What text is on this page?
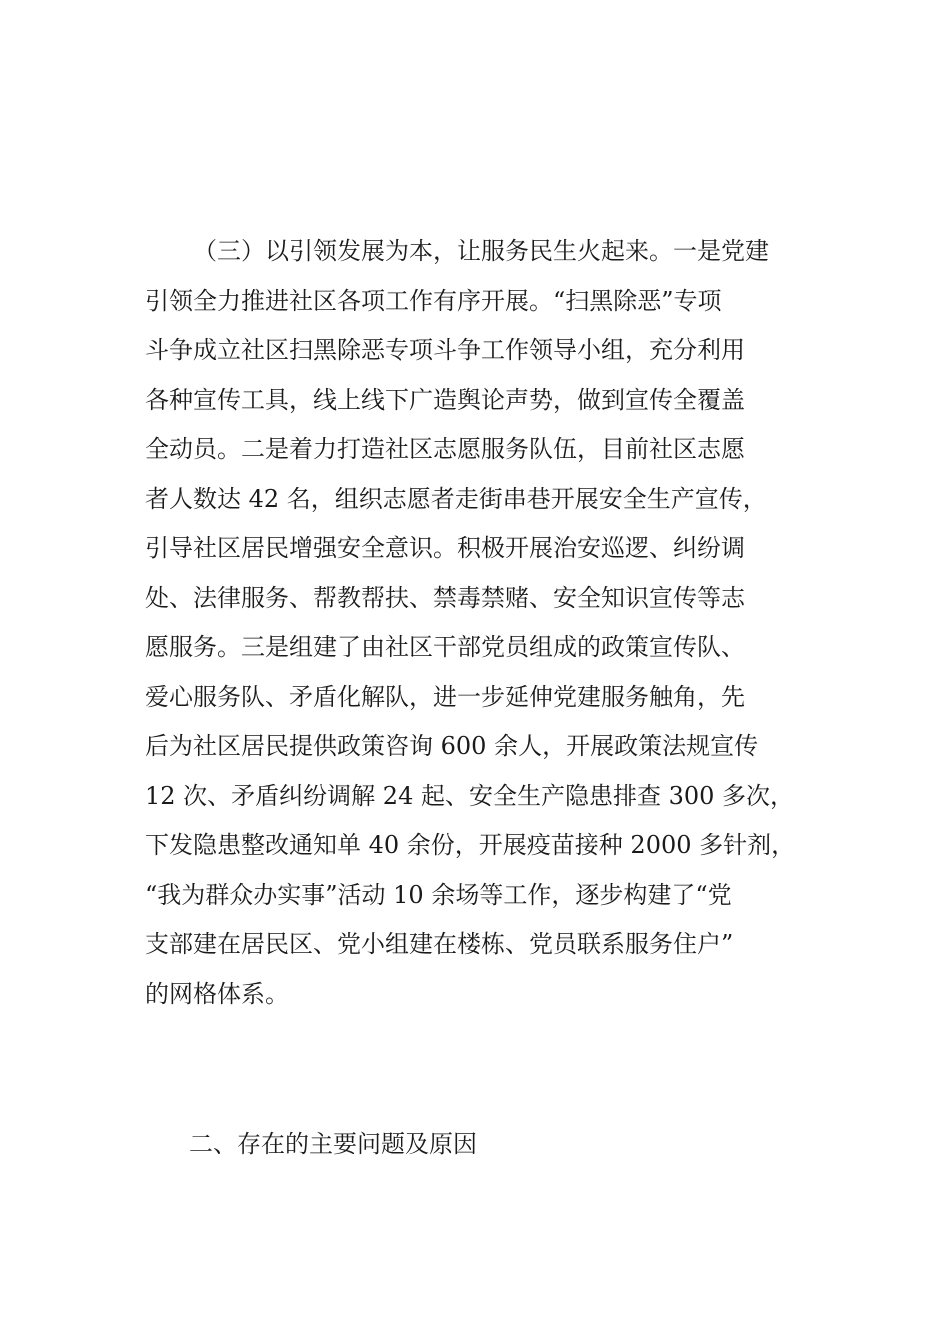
（三）以引领发展为本，让服务民生火起来。一是党建
引领全力推进社区各项工作有序开展。“扫黑除恶”专项
斗争成立社区扫黑除恶专项斗争工作领导小组，充分利用
各种宣传工具，线上线下广造舆论声势，做到宣传全覆盖
全动员。二是着力打造社区志愿服务队伍，目前社区志愿
者人数达 42 名，组织志愿者走街串巷开展安全生产宣传，
引导社区居民增强安全意识。积极开展治安巡逻、纠纷调
处、法律服务、帮教帮扶、禁毒禁赌、安全知识宣传等志
愿服务。三是组建了由社区干部党员组成的政策宣传队、
爱心服务队、矛盾化解队，进一步延伸党建服务触角，先
后为社区居民提供政策咨询 600 余人，开展政策法规宣传
12 次、矛盾纠纷调解 24 起、安全生产隐患排查 300 多次，
下发隐患整改通知单 40 余份，开展疫苗接种 2000 多针剂，
“我为群众办实事”活动 10 余场等工作，逐步构建了“党
支部建在居民区、党小组建在楼栋、党员联系服务住户”
的网格体系。
二、存在的主要问题及原因
